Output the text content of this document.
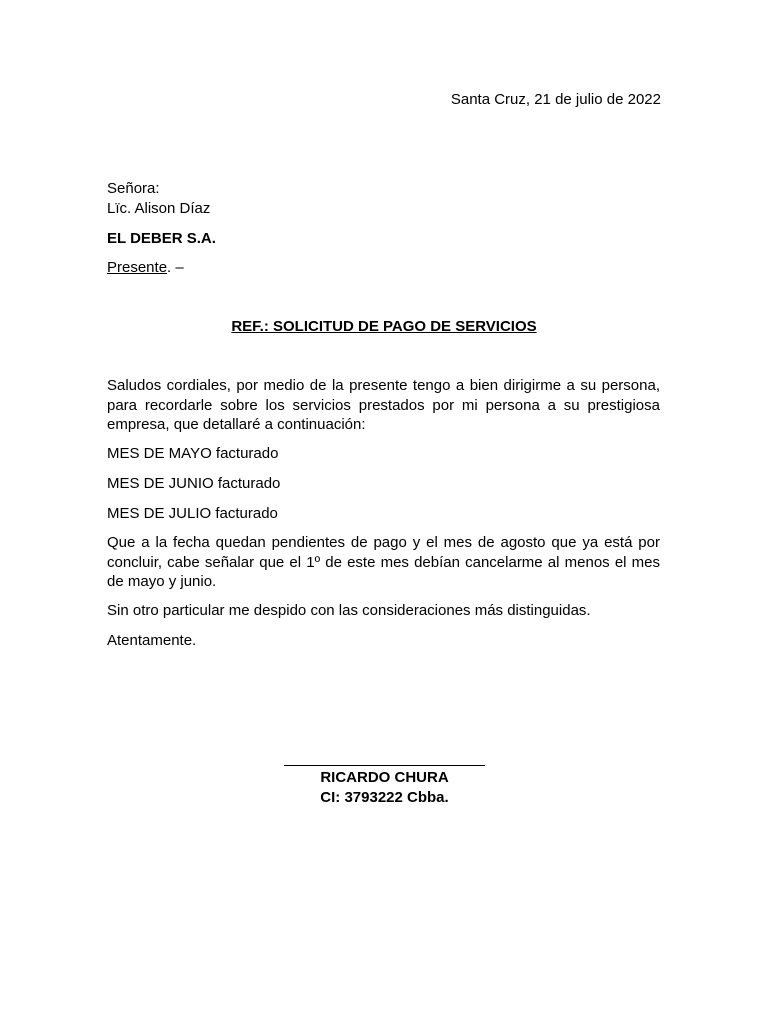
Santa Cruz, 21 de julio de 2022
Señora:
Lïc. Alison Díaz
EL DEBER S.A.
Presente. –
REF.: SOLICITUD DE PAGO DE SERVICIOS
Saludos cordiales, por medio de la presente tengo a bien dirigirme a su persona, para recordarle sobre los servicios prestados por mi persona a su prestigiosa empresa, que detallaré a continuación:
MES DE MAYO facturado
MES DE JUNIO facturado
MES DE JULIO facturado
Que a la fecha quedan pendientes de pago y el mes de agosto que ya está por concluir, cabe señalar que el 1º de este mes debían cancelarme al menos el mes de mayo y junio.
Sin otro particular me despido con las consideraciones más distinguidas.
Atentamente.
RICARDO CHURA
CI: 3793222 Cbba.
